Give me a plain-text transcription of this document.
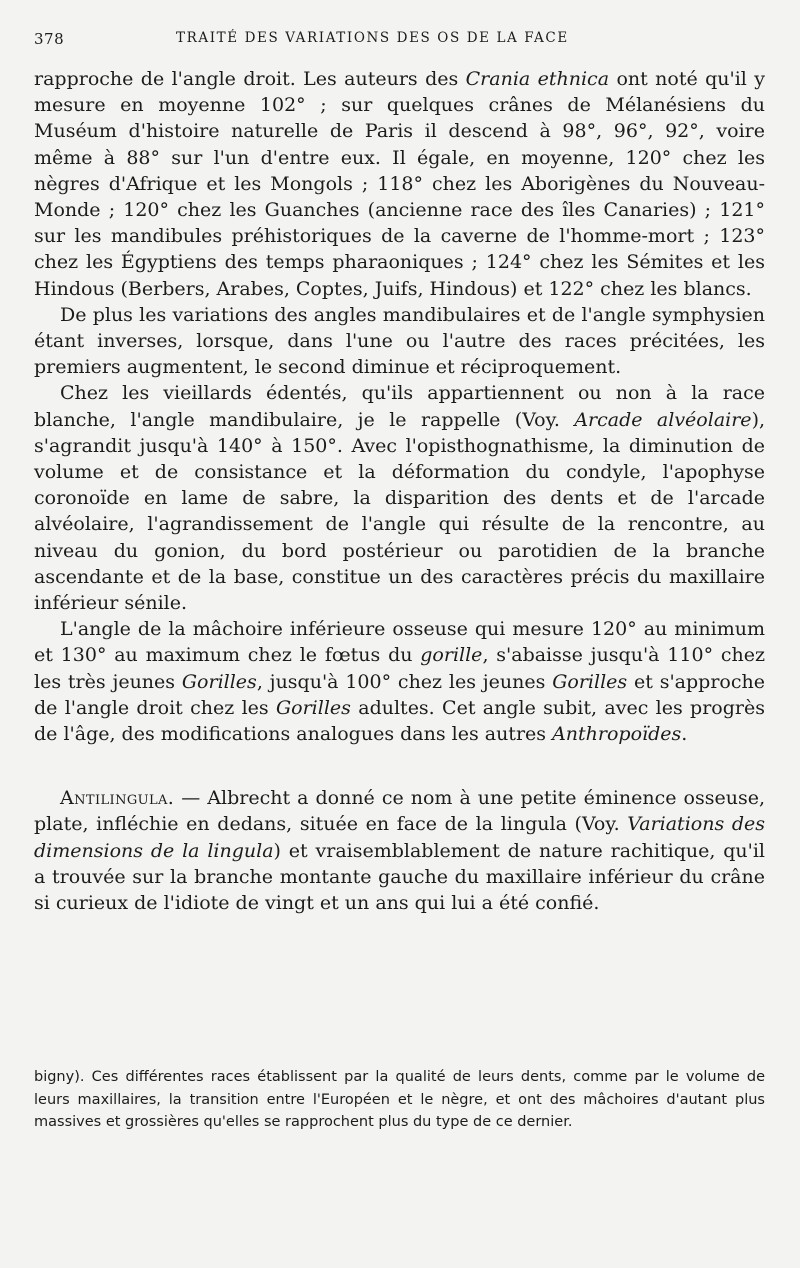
378	TRAITÉ DES VARIATIONS DES OS DE LA FACE

rapproche de l'angle droit. Les auteurs des Crania ethnica ont noté qu'il y mesure en moyenne 102° ; sur quelques crânes de Mélanésiens du Muséum d'histoire naturelle de Paris il descend à 98°, 96°, 92°, voire même à 88° sur l'un d'entre eux. Il égale, en moyenne, 120° chez les nègres d'Afrique et les Mongols ; 118° chez les Aborigènes du Nouveau-Monde ; 120° chez les Guanches (ancienne race des îles Canaries) ; 121° sur les mandibules préhistoriques de la caverne de l'homme-mort ; 123° chez les Égyptiens des temps pharaoniques ; 124° chez les Sémites et les Hindous (Berbers, Arabes, Coptes, Juifs, Hindous) et 122° chez les blancs.

De plus les variations des angles mandibulaires et de l'angle symphysien étant inverses, lorsque, dans l'une ou l'autre des races précitées, les premiers augmentent, le second diminue et réciproquement.

Chez les vieillards édentés, qu'ils appartiennent ou non à la race blanche, l'angle mandibulaire, je le rappelle (Voy. Arcade alvéolaire), s'agrandit jusqu'à 140° à 150°. Avec l'opisthognathisme, la diminution de volume et de consistance et la déformation du condyle, l'apophyse coronoïde en lame de sabre, la disparition des dents et de l'arcade alvéolaire, l'agrandissement de l'angle qui résulte de la rencontre, au niveau du gonion, du bord postérieur ou parotidien de la branche ascendante et de la base, constitue un des caractères précis du maxillaire inférieur sénile.

L'angle de la mâchoire inférieure osseuse qui mesure 120° au minimum et 130° au maximum chez le fœtus du gorille, s'abaisse jusqu'à 110° chez les très jeunes Gorilles, jusqu'à 100° chez les jeunes Gorilles et s'approche de l'angle droit chez les Gorilles adultes. Cet angle subit, avec les progrès de l'âge, des modifications analogues dans les autres Anthropoïdes.

Antilingula. — Albrecht a donné ce nom à une petite éminence osseuse, plate, infléchie en dedans, située en face de la lingula (Voy. Variations des dimensions de la lingula) et vraisemblablement de nature rachitique, qu'il a trouvée sur la branche montante gauche du maxillaire inférieur du crâne si curieux de l'idiote de vingt et un ans qui lui a été confié.

bigny). Ces différentes races établissent par la qualité de leurs dents, comme par le volume de leurs maxillaires, la transition entre l'Européen et le nègre, et ont des mâchoires d'autant plus massives et grossières qu'elles se rapprochent plus du type de ce dernier.
